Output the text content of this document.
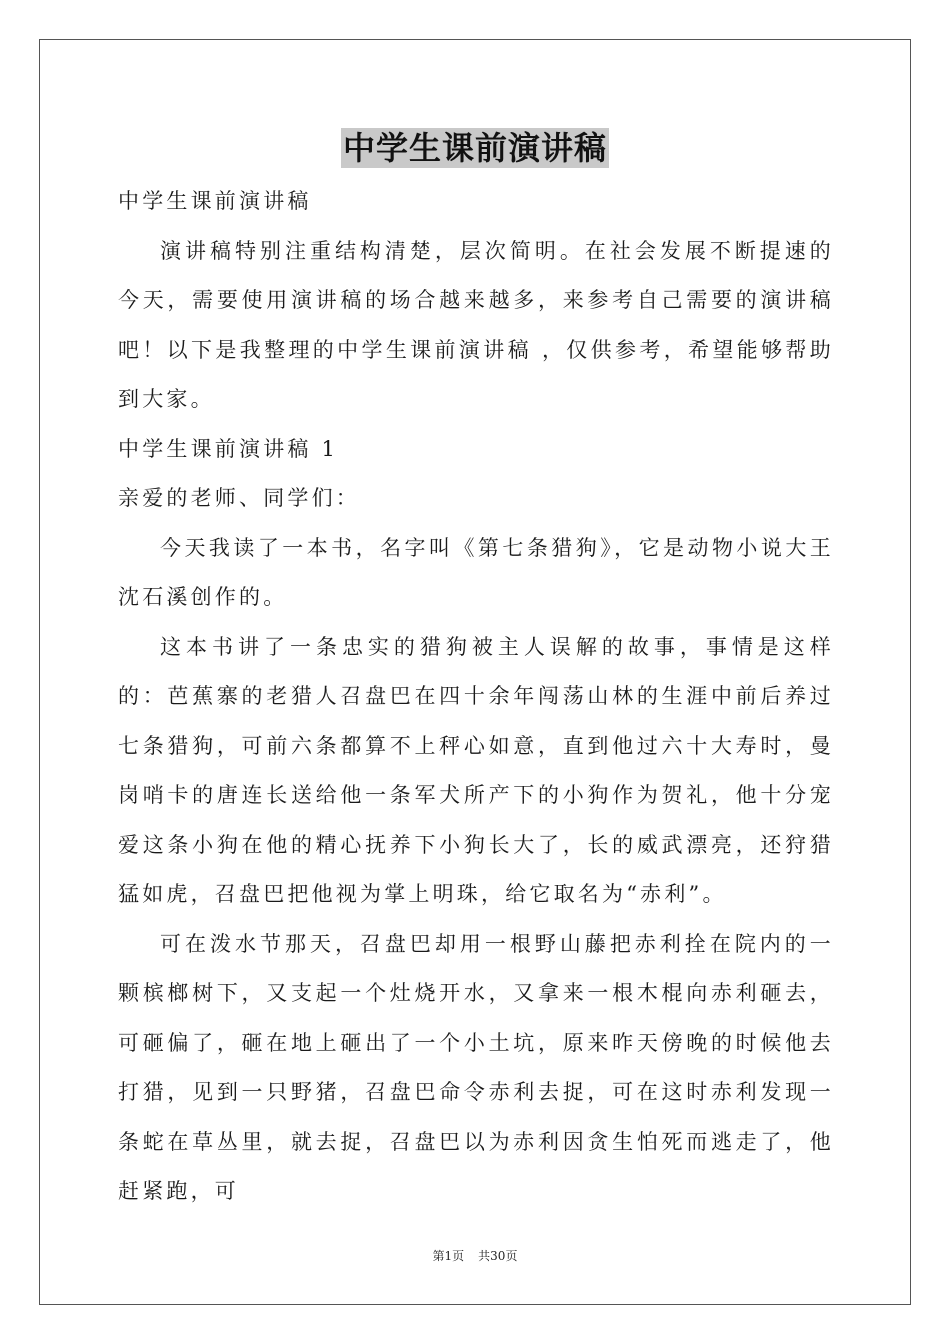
中学生课前演讲稿

中学生课前演讲稿

演讲稿特别注重结构清楚，层次简明。在社会发展不断提速的今天，需要使用演讲稿的场合越来越多，来参考自己需要的演讲稿吧！以下是我整理的中学生课前演讲稿 ，仅供参考，希望能够帮助到大家。

中学生课前演讲稿 1

亲爱的老师、同学们：

今天我读了一本书，名字叫《第七条猎狗》，它是动物小说大王沈石溪创作的。

这本书讲了一条忠实的猎狗被主人误解的故事，事情是这样的：芭蕉寨的老猎人召盘巴在四十余年闯荡山林的生涯中前后养过七条猎狗，可前六条都算不上秤心如意，直到他过六十大寿时，曼岗哨卡的唐连长送给他一条军犬所产下的小狗作为贺礼，他十分宠爱这条小狗在他的精心抚养下小狗长大了，长的威武漂亮，还狩猎猛如虎，召盘巴把他视为掌上明珠，给它取名为“赤利”。

可在泼水节那天，召盘巴却用一根野山藤把赤利拴在院内的一颗槟榔树下，又支起一个灶烧开水，又拿来一根木棍向赤利砸去，可砸偏了，砸在地上砸出了一个小土坑，原来昨天傍晚的时候他去打猎，见到一只野猪，召盘巴命令赤利去捉，可在这时赤利发现一条蛇在草丛里，就去捉，召盘巴以为赤利因贪生怕死而逃走了，他赶紧跑，可

第1页 共30页
